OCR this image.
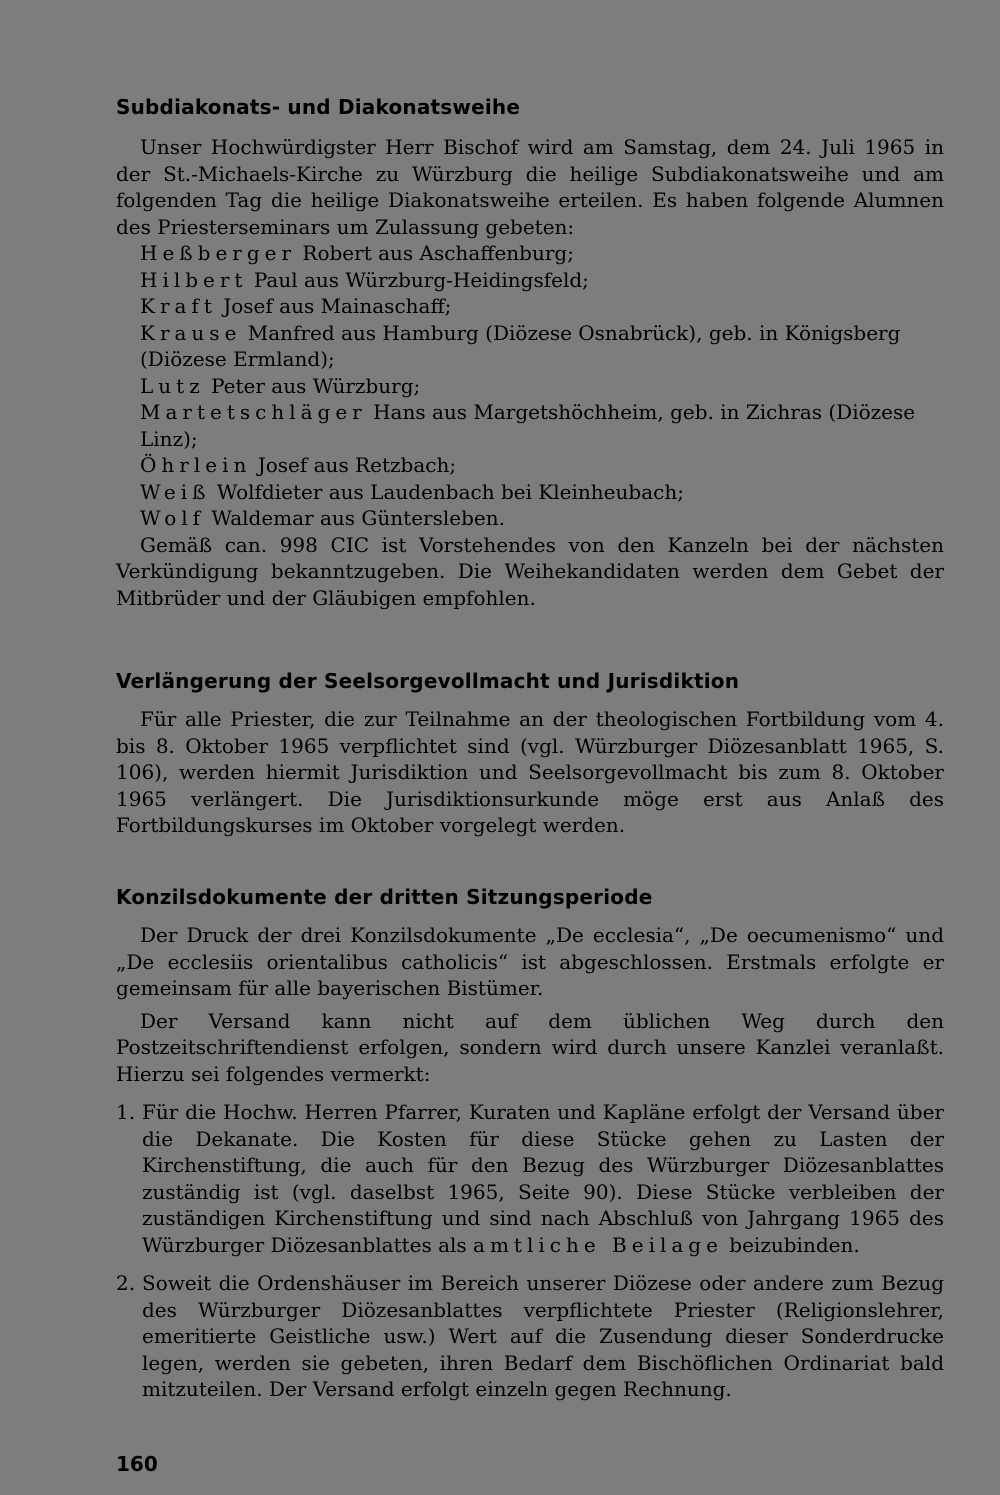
Subdiakonats- und Diakonatsweihe

Unser Hochwürdigster Herr Bischof wird am Samstag, dem 24. Juli 1965 in der St.-Michaels-Kirche zu Würzburg die heilige Subdiakonatsweihe und am folgenden Tag die heilige Diakonatsweihe erteilen. Es haben folgende Alumnen des Priesterseminars um Zulassung gebeten:

Heßberger Robert aus Aschaffenburg;
Hilbert Paul aus Würzburg-Heidingsfeld;
Kraft Josef aus Mainaschaff;
Krause Manfred aus Hamburg (Diözese Osnabrück), geb. in Königsberg (Diözese Ermland);
Lutz Peter aus Würzburg;
Martetschläger Hans aus Margetshöchheim, geb. in Zichras (Diözese Linz);
Öhrlein Josef aus Retzbach;
Weiß Wolfdieter aus Laudenbach bei Kleinheubach;
Wolf Waldemar aus Güntersleben.

Gemäß can. 998 CIC ist Vorstehendes von den Kanzeln bei der nächsten Verkündigung bekanntzugeben. Die Weihekandidaten werden dem Gebet der Mitbrüder und der Gläubigen empfohlen.

Verlängerung der Seelsorgevollmacht und Jurisdiktion

Für alle Priester, die zur Teilnahme an der theologischen Fortbildung vom 4. bis 8. Oktober 1965 verpflichtet sind (vgl. Würzburger Diözesanblatt 1965, S. 106), werden hiermit Jurisdiktion und Seelsorgevollmacht bis zum 8. Oktober 1965 verlängert. Die Jurisdiktionsurkunde möge erst aus Anlaß des Fortbildungskurses im Oktober vorgelegt werden.

Konzilsdokumente der dritten Sitzungsperiode

Der Druck der drei Konzilsdokumente „De ecclesia“, „De oecumenismo“ und „De ecclesiis orientalibus catholicis“ ist abgeschlossen. Erstmals erfolgte er gemeinsam für alle bayerischen Bistümer.

Der Versand kann nicht auf dem üblichen Weg durch den Postzeitschriftendienst erfolgen, sondern wird durch unsere Kanzlei veranlaßt. Hierzu sei folgendes vermerkt:

1. Für die Hochw. Herren Pfarrer, Kuraten und Kapläne erfolgt der Versand über die Dekanate. Die Kosten für diese Stücke gehen zu Lasten der Kirchenstiftung, die auch für den Bezug des Würzburger Diözesanblattes zuständig ist (vgl. daselbst 1965, Seite 90). Diese Stücke verbleiben der zuständigen Kirchenstiftung und sind nach Abschluß von Jahrgang 1965 des Würzburger Diözesanblattes als amtliche Beilage beizubinden.
2. Soweit die Ordenshäuser im Bereich unserer Diözese oder andere zum Bezug des Würzburger Diözesanblattes verpflichtete Priester (Religionslehrer, emeritierte Geistliche usw.) Wert auf die Zusendung dieser Sonderdrucke legen, werden sie gebeten, ihren Bedarf dem Bischöflichen Ordinariat bald mitzuteilen. Der Versand erfolgt einzeln gegen Rechnung.
160
